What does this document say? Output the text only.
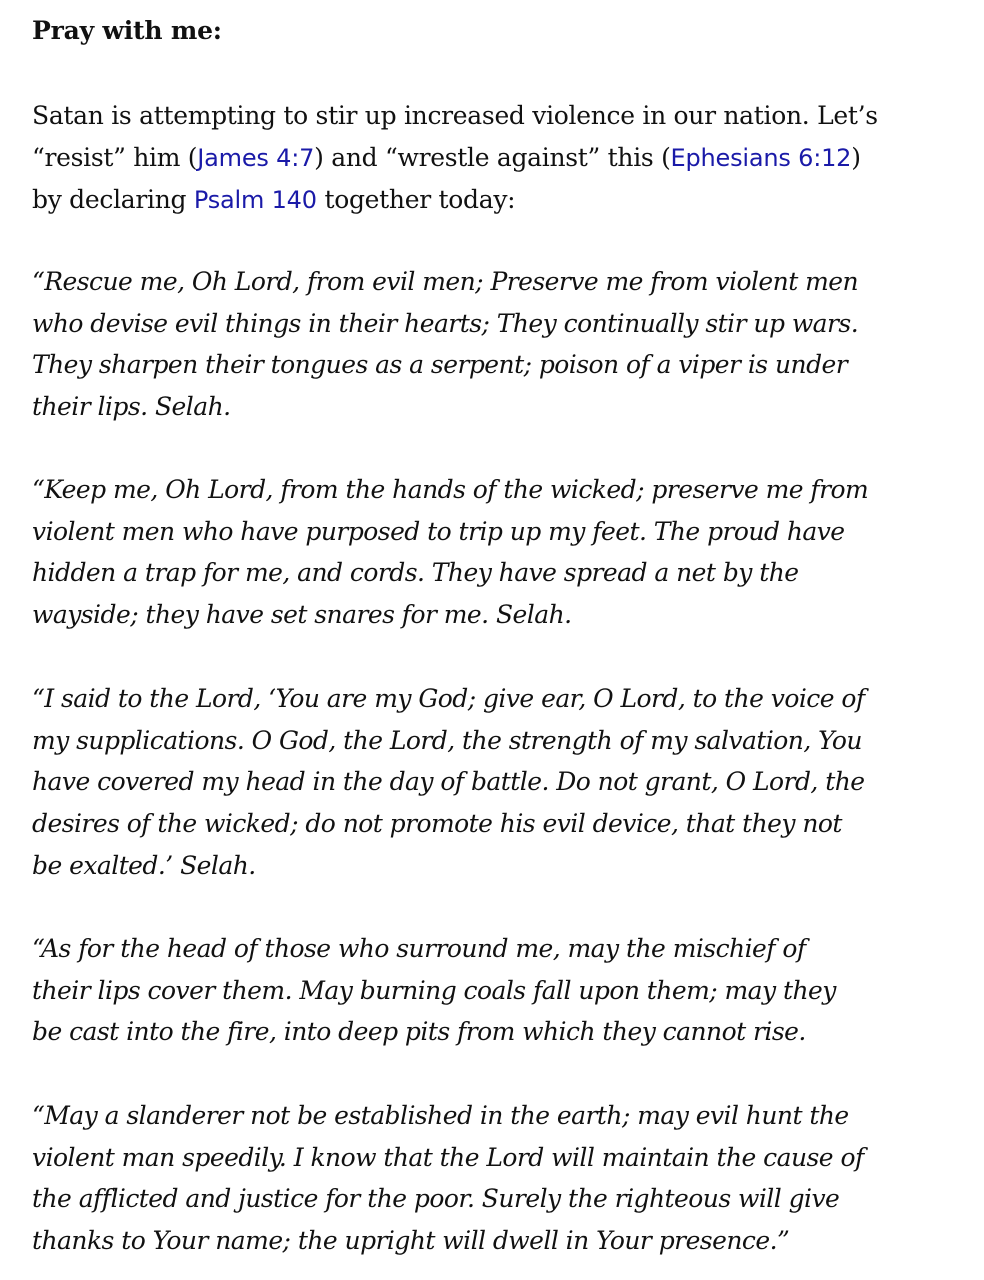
Pray with me:

Satan is attempting to stir up increased violence in our nation. Let’s
“resist” him (James 4:7) and “wrestle against” this (Ephesians 6:12)
by declaring Psalm 140 together today:

“Rescue me, Oh Lord, from evil men; Preserve me from violent men
who devise evil things in their hearts; They continually stir up wars.
They sharpen their tongues as a serpent; poison of a viper is under
their lips. Selah.

“Keep me, Oh Lord, from the hands of the wicked; preserve me from
violent men who have purposed to trip up my feet. The proud have
hidden a trap for me, and cords. They have spread a net by the
wayside; they have set snares for me. Selah.

“I said to the Lord, ‘You are my God; give ear, O Lord, to the voice of
my supplications. O God, the Lord, the strength of my salvation, You
have covered my head in the day of battle. Do not grant, O Lord, the
desires of the wicked; do not promote his evil device, that they not
be exalted.’ Selah.

“As for the head of those who surround me, may the mischief of
their lips cover them. May burning coals fall upon them; may they
be cast into the fire, into deep pits from which they cannot rise.

“May a slanderer not be established in the earth; may evil hunt the
violent man speedily. I know that the Lord will maintain the cause of
the afflicted and justice for the poor. Surely the righteous will give
thanks to Your name; the upright will dwell in Your presence.”
